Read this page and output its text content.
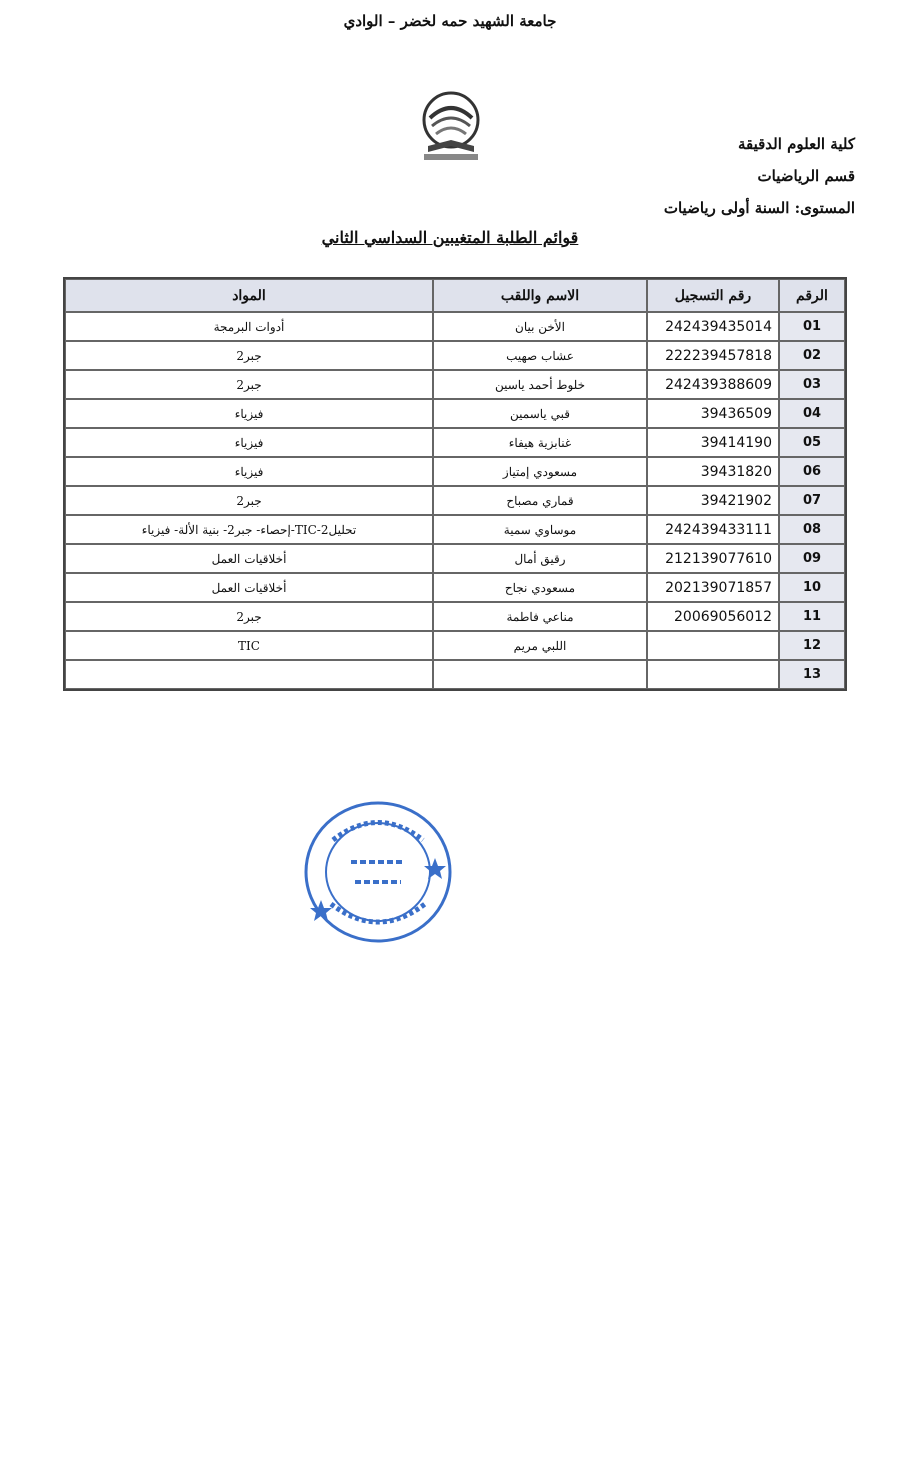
جامعة الشهيد حمه لخضر – الوادي
كلية العلوم الدقيقة
قسم الرياضيات
المستوى: السنة أولى رياضيات
قوائم الطلبة المتغيبين السداسي الثاني
الرقم	رقم التسجيل	الاسم واللقب	المواد
01	242439435014	الأخن بيان	أدوات البرمجة
02	222239457818	عشاب صهيب	جبر2
03	242439388609	خلوط أحمد ياسين	جبر2
04	39436509	قبي ياسمين	فيزياء
05	39414190	غنابزية هيفاء	فيزياء
06	39431820	مسعودي إمتياز	فيزياء
07	39421902	قماري مصباح	جبر2
08	242439433111	موساوي سمية	تحليل2-TIC-إحصاء- جبر2- بنية الألة- فيزياء
09	212139077610	رقيق أمال	أخلاقيات العمل
10	202139071857	مسعودي نجاح	أخلاقيات العمل
11	20069056012	مناعي فاطمة	جبر2
12		اللبي مريم	TIC
13			
